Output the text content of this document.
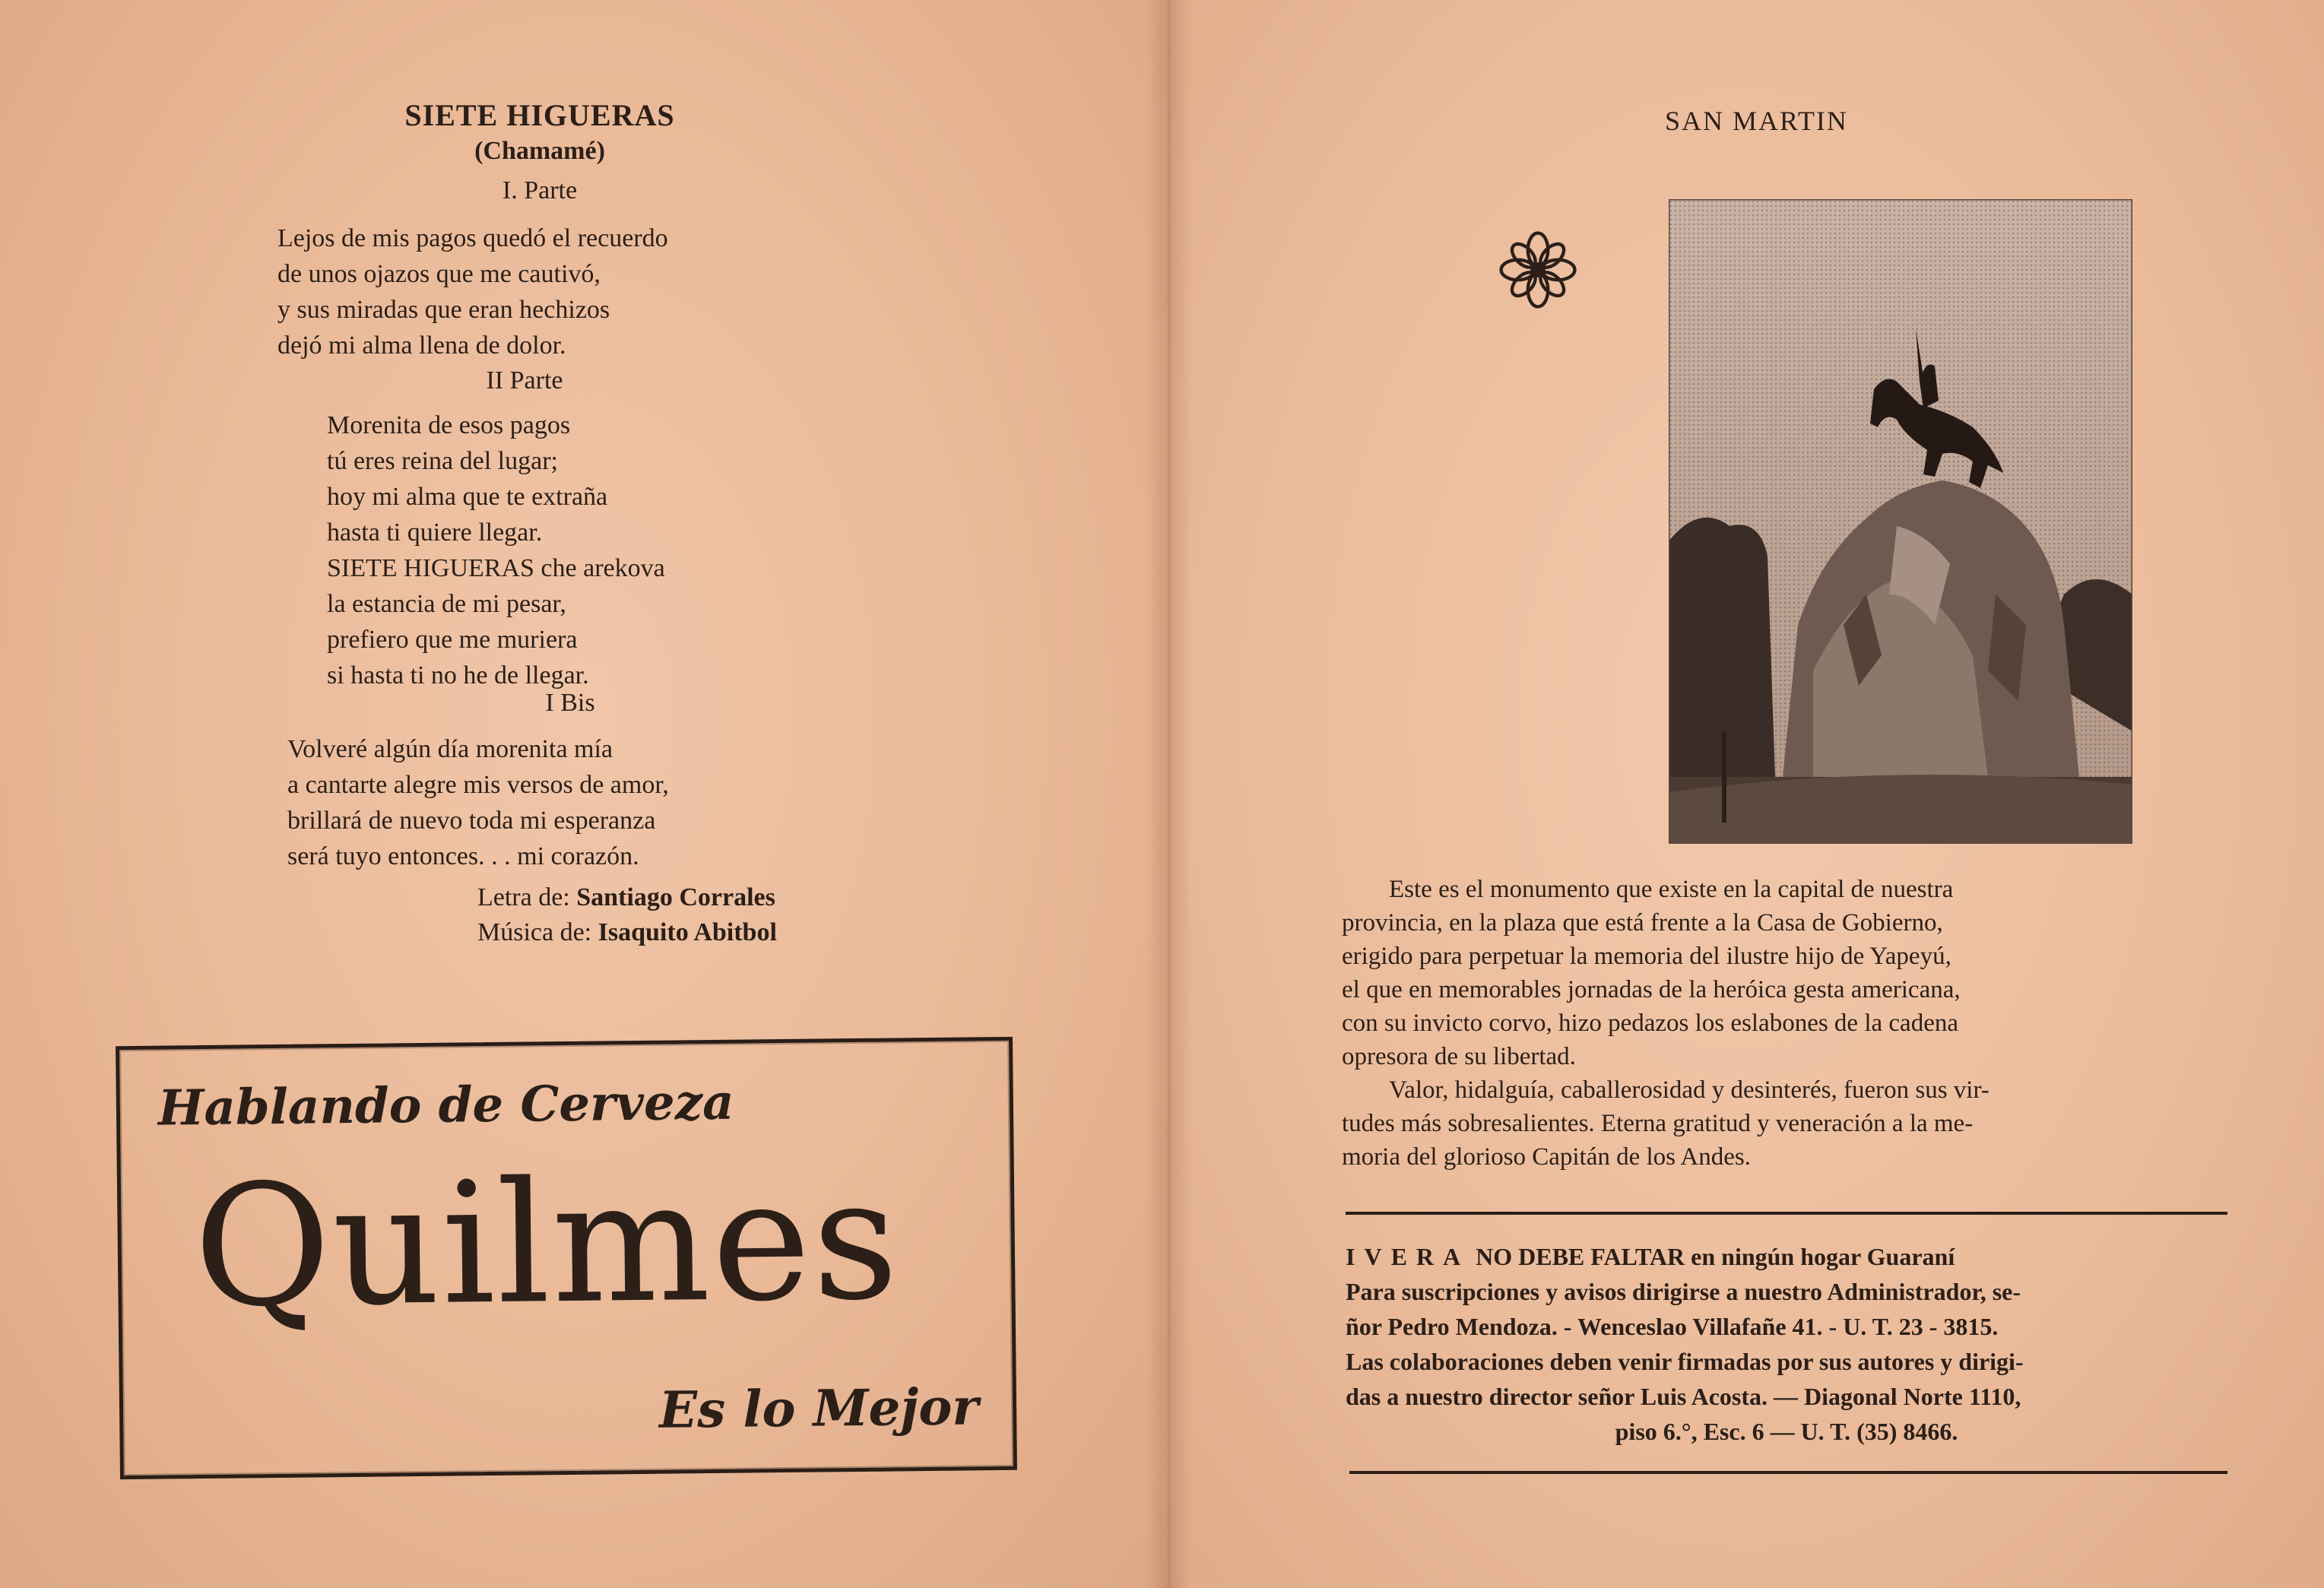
SIETE HIGUERAS
(Chamamé)
I. Parte
Lejos de mis pagos quedó el recuerdo
de unos ojazos que me cautivó,
y sus miradas que eran hechizos
dejó mi alma llena de dolor.
II Parte
Morenita de esos pagos
tú eres reina del lugar;
hoy mi alma que te extraña
hasta ti quiere llegar.
SIETE HIGUERAS che arekova
la estancia de mi pesar,
prefiero que me muriera
si hasta ti no he de llegar.
I Bis
Volveré algún día morenita mía
a cantarte alegre mis versos de amor,
brillará de nuevo toda mi esperanza
será tuyo entonces. . . mi corazón.
Letra de: Santiago Corrales
Música de: Isaquito Abitbol
Hablando de Cerveza
Quilmes
Es lo Mejor
SAN MARTIN
Este es el monumento que existe en la capital de nuestra
provincia, en la plaza que está frente a la Casa de Gobierno,
erigido para perpetuar la memoria del ilustre hijo de Yapeyú,
el que en memorables jornadas de la heróica gesta americana,
con su invicto corvo, hizo pedazos los eslabones de la cadena
opresora de su libertad.
Valor, hidalguía, caballerosidad y desinterés, fueron sus vir-
tudes más sobresalientes. Eterna gratitud y veneración a la me-
moria del glorioso Capitán de los Andes.
IVERA NO DEBE FALTAR en ningún hogar Guaraní
Para suscripciones y avisos dirigirse a nuestro Administrador, se-
ñor Pedro Mendoza. - Wenceslao Villafañe 41. - U. T. 23 - 3815.
Las colaboraciones deben venir firmadas por sus autores y dirigi-
das a nuestro director señor Luis Acosta. — Diagonal Norte 1110,
piso 6.°, Esc. 6 — U. T. (35) 8466.
